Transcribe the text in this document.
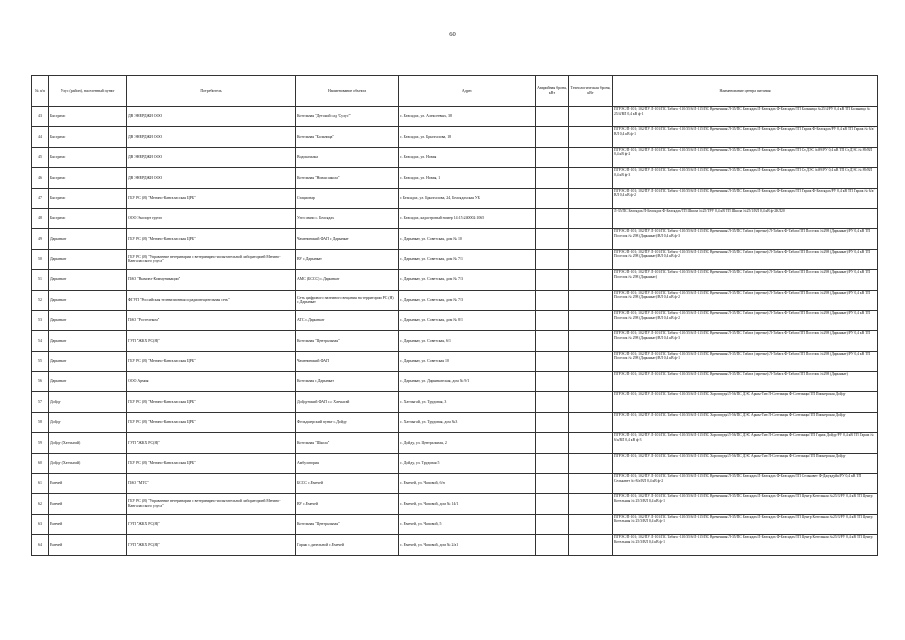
60
№ п/п	Улус (район), населенный пункт	Потребитель	Наименование объекта	Адрес	Аварийная броня, кВт	Технологическая броня, кВт	Наименование центра питания
43	Бясгдимс	ДВ ЭНЕРДЖИ ООО	Котельная "Детский сад 'Сулус'"	с. Беасядах, ул. Алексеевых, 38			ПГРЭС/П-101; 102/ПУ Л-101/ПС Табага -110/35/6/Л-115/ПС Временная/Л-35/ПС Беасядах/Л-Беасядах Ф-Беасядах/ТП Больница №25/4/РУ 0,4 кВ ТП Больница № 25/4/ВЛ 0,4 кВ ф-1
44	Бясгдимс	ДВ ЭНЕРДЖИ ООО	Котельная "Больница"	с. Беасядах, ул. Брызгалова, 18			ПГРЭС/П-101; 102/ПУ Л-101/ПС Табага -110/35/6/Л-115/ПС Временная/Л-35/ПС Беасядах/Л-Беасядах Ф-Беасядах/ТП Гараж Ф-Беасядах/РУ 0,4 кВ ТП Гараж № 6/а/ВЛ 0,4 кВ ф-1
45	Бясгдимс	ДВ ЭНЕРДЖИ ООО	Водокачалка	с. Беасядах, ул. Новая			ПГРЭС/П-101; 102/ПУ Л-101/ПС Табага -110/35/6/Л-115/ПС Временная/Л-35/ПС Беасядах/Л-Беасядах Ф-Беасядах/ТП Ст.ДЭС №89/РУ 0,4 кВ ТП Ст.ДЭС № 89/ВЛ 0,4 кВ ф-2
46	Бясгдимс	ДВ ЭНЕРДЖИ ООО	Котельная "Новая школа"	с. Беасядах, ул. Новая, 1			ПГРЭС/П-101; 102/ПУ Л-101/ПС Табага -110/35/6/Л-115/ПС Временная/Л-35/ПС Беасядах/Л-Беасядах Ф-Беасядах/ТП Ст.ДЭС №89/РУ 0,4 кВ ТП Ст.ДЭС № 89/ВЛ 0,4 кВ ф-3
47	Бясгдимс	ГБУ РС (Я) "Мегино-Кангаласская ЦРБ"	Стационар	с Беасядах, ул. Брызгалова, 24, Беасядахская УБ			ПГРЭС/П-101; 102/ПУ Л-101/ПС Табага -110/35/6/Л-115/ПС Временная/Л-35/ПС Беасядах/Л-Беасядах Ф-Беасядах/ТП Гараж Ф-Беасядах/РУ 0,4 кВ ТП Гараж № 6/а/ВЛ 0,4 кВ ф-2
48	Бясгдимс	ООО Экспорт групп	Узел связи с. Беасядах	с. Беасядах, кадастровый номер 14:15:240002:1065			Л-35/ПС Беасядах/Л-Беасядах Ф-Беасядах/ТП Школа №25/ТРУ 0,4 кВ ТП Школа №25/1/ВЛ 0,4 кВ ф-2КЛ20
49	Дарынкат	ГБУ РС (Я) "Мегино-Кангаласская ЦРБ"	Чаменинский ФАП с Дарынкат	с. Дарынкат, ул. Советская, дом № 10			ПГРЭС/П-101; 102/ПУ Л-101/ПС Табага -110/35/6/Л-115/ПС Временная/Л-35/ПС Табага (заречье)/Л-Табага Ф-Табага/ТП Поселок №298 (Дарынкат)/РУ 0,4 кВ ТП Поселок № 298 (Дарынкат)/ВЛ 0,4 кВ ф-3
50	Дарынкат	ГБУ РС (Я) "Управление ветеринарии с ветеринарно-испытательной лабораторией Мегино-Кангаласского улуса"	ВУ с.Дарынкат	с. Дарынкат, ул. Советская, дом № 7/1			ПГРЭС/П-101; 102/ПУ Л-101/ПС Табага -110/35/6/Л-115/ПС Временная/Л-35/ПС Табага (заречье)/Л-Табага Ф-Табага/ТП Поселок №298 (Дарынкат)/РУ 0,4 кВ ТП Поселок № 298 (Дарынкат)/ВЛ 0,4 кВ ф-2
51	Дарынкат	ПАО "Вымпел-Коммуникации"	АМС (БССС) с.Дарынкат	с. Дарынкат, ул. Советская, дом № 7/3			ПГРЭС/П-101; 102/ПУ Л-101/ПС Табага -110/35/6/Л-115/ПС Временная/Л-35/ПС Табага (заречье)/Л-Табага Ф-Табага/ТП Поселок №298 (Дарынкат)/РУ 0,4 кВ ТП Поселок № 298 (Дарынкат)
52	Дарынкат	ФГУП "Российская телевизионная и радиовещательная сеть"	Сеть цифрового наземного вещания на территории РС (Я) с.Дарынкат	с. Дарынкат, ул. Советская, дом № 7/3			ПГРЭС/П-101; 102/ПУ Л-101/ПС Табага -110/35/6/Л-115/ПС Временная/Л-35/ПС Табага (заречье)/Л-Табага Ф-Табага/ТП Поселок №298 (Дарынкат)/РУ 0,4 кВ ТП Поселок № 298 (Дарынкат)/ВЛ 0,4 кВ ф-2
53	Дарынкат	ПАО "Ростелеком"	АТС с.Дарынкат	с. Дарынкат, ул. Советская, дом № 8/1			ПГРЭС/П-101; 102/ПУ Л-101/ПС Табага -110/35/6/Л-115/ПС Временная/Л-35/ПС Табага (заречье)/Л-Табага Ф-Табага/ТП Поселок №298 (Дарынкат)/РУ 0,4 кВ ТП Поселок № 298 (Дарынкат)/ВЛ 0,4 кВ ф-2
54	Дарынкат	ГУП "ЖКХ РС(Я)"	Котельная "Центральная"	с. Дарынкат, ул. Советская, 6/1			ПГРЭС/П-101; 102/ПУ Л-101/ПС Табага -110/35/6/Л-115/ПС Временная/Л-35/ПС Табага (заречье)/Л-Табага Ф-Табага/ТП Поселок №298 (Дарынкат)/РУ 0,4 кВ ТП Поселок № 298 (Дарынкат)/ВЛ 0,4 кВ ф-3
55	Дарынкат	ГБУ РС (Я) "Мегино-Кангаласская ЦРБ"	Чаменинский ФАП	с. Дарынкат, ул. Советская 10			ПГРЭС/П-101; 102/ПУ Л-101/ПС Табага -110/35/6/Л-115/ПС Временная/Л-35/ПС Табага (заречье)/Л-Табага Ф-Табага/ТП Поселок №298 (Дарынкат)/РУ 0,4 кВ ТП Поселок № 298 (Дарынкат)/ВЛ 0,4 кВ ф-1
56	Дарынкат	ООО Армия	Котельная с.Дарынкат	с. Дарынкат, ул. Дарынкатская, дом № 9/1			ПГРЭС/П-101; 102/ПУ Л-101/ПС Табага -110/35/6/Л-115/ПС Временная/Л-35/ПС Табага (заречье)/Л-Табага Ф-Табага/ТП Поселок №298 (Дарынкат)
57	Дойду	ГБУ РС (Я) "Мегино-Кангаласская ЦРБ"	Дойдунский ФАП с.с Хатчыгай	с. Хатчыгай, ул. Трудовая, 3			ПГРЭС/П-101; 102/ПУ Л-101/ПС Табага -110/35/6/Л-115/ПС Хороппудя/Л-56/ПС ДЭС Арыы-Тит/Л-Соттинцы Ф-Соттинцы/ТП Пионерская Дойду
58	Дойду	ГБУ РС (Я) "Мегино-Кангаласская ЦРБ"	Фельдшерский пункт с.Дойду	с. Хатчыгай, ул. Трудовая, дом №3			ПГРЭС/П-101; 102/ПУ Л-101/ПС Табага -110/35/6/Л-115/ПС Хороппудя/Л-56/ПС ДЭС Арыы-Тит/Л-Соттинцы Ф-Соттинцы/ТП Пионерская Дойду
59	Дойду (Хатчыгай)	ГУП "ЖКХ РС(Я)"	Котельная "Школа"	с. Дойду, ул. Центральная, 2			ПГРЭС/П-101; 102/ПУ Л-101/ПС Табага -110/35/6/Л-115/ПС Хороппудя/Л-56/ПС ДЭС Арыы-Тит/Л-Соттинцы Ф-Соттинцы/ТП Гараж Дойду/РУ 0,4 кВ ТП Гараж № 6/а/ВЛ 0,4 кВ ф-3
60	Дойду (Хатчыгай)	ГБУ РС (Я) "Мегино-Кангаласская ЦРБ"	Амбулатория	с. Дойду, ул. Трудовая 5			ПГРЭС/П-101; 102/ПУ Л-101/ПС Табага -110/35/6/Л-115/ПС Хороппудя/Л-56/ПС ДЭС Арыы-Тит/Л-Соттинцы Ф-Соттинцы/ТП Пионерская Дойду
61	Емечей	ПАО "МТС"	БССС с.Емечей	с. Емечей, ул. Чаповой, б/н			ПГРЭС/П-101; 102/ПУ Л-101/ПС Табага -110/35/6/Л-115/ПС Временная/Л-35/ПС Беасядах/Л-Беасядах Ф-Беасядах/ТП Селькавет Ф-Джукдуйк/РУ 0,4 кВ ТП Селькавет №-8/а/ВЛ 0,4 кВ ф-2
62	Емечей	ГБУ РС (Я) "Управление ветеринарии с ветеринарно-испытательной лабораторией Мегино-Кангаласского улуса"	ВУ с.Емечей	с. Емечей, ул. Чаповой, дом № 14/1			ПГРЭС/П-101; 102/ПУ Л-101/ПС Табага -110/35/6/Л-115/ПС Временная/Л-35/ПС Беасядах/Л-Беасядах Ф-Беасядах/ТП Центр Котельная №25/3/РУ 0,4 кВ ТП Центр Котельная № 25/3/ВЛ 0,4 кВ ф-1
63	Емечей	ГУП "ЖКХ РС(Я)"	Котельная "Центральная"	с. Емечей, ул. Чаповой, 5			ПГРЭС/П-101; 102/ПУ Л-101/ПС Табага -110/35/6/Л-115/ПС Временная/Л-35/ПС Беасядах/Л-Беасядах Ф-Беасядах/ТП Центр Котельная №25/3/РУ 0,4 кВ ТП Центр Котельная № 25/3/ВЛ 0,4 кВ ф-1
64	Емечей	ГУП "ЖКХ РС(Я)"	Гараж с.дизельной с.Емечей	с. Емечей, ул. Чаповой, дом № 2/а1			ПГРЭС/П-101; 102/ПУ Л-101/ПС Табага -110/35/6/Л-115/ПС Временная/Л-35/ПС Беасядах/Л-Беасядах Ф-Беасядах/ТП Центр Котельная №25/3/РУ 0,4 кВ ТП Центр Котельная № 25/3/ВЛ 0,4 кВ ф-1
